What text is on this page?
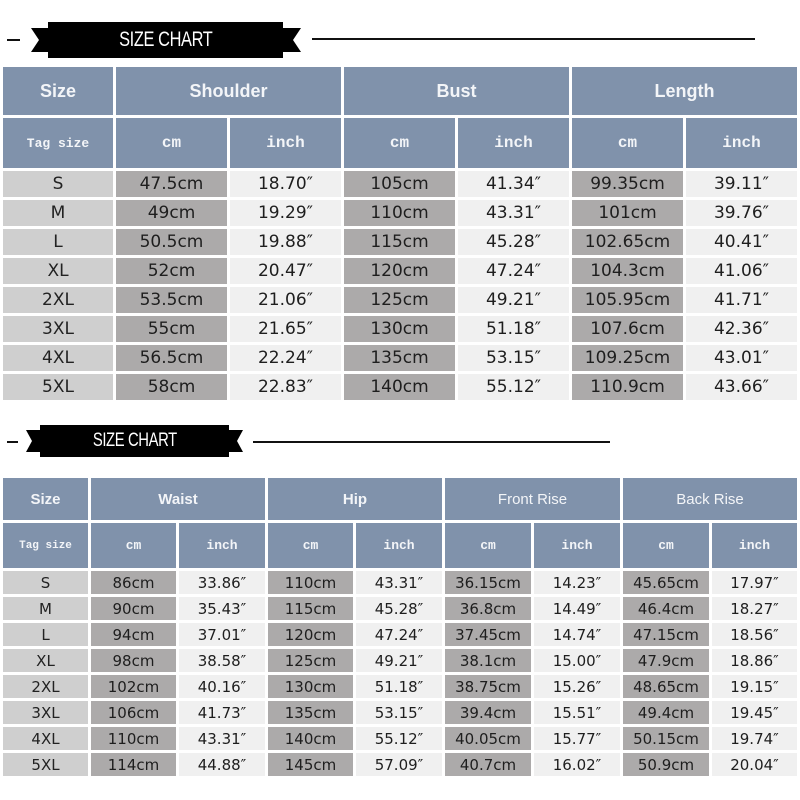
SIZE CHART
Size	Shoulder		Bust		Length	
Tag size	cm	inch	cm	inch	cm	inch
S	47.5cm	18.70″	105cm	41.34″	99.35cm	39.11″
M	49cm	19.29″	110cm	43.31″	101cm	39.76″
L	50.5cm	19.88″	115cm	45.28″	102.65cm	40.41″
XL	52cm	20.47″	120cm	47.24″	104.3cm	41.06″
2XL	53.5cm	21.06″	125cm	49.21″	105.95cm	41.71″
3XL	55cm	21.65″	130cm	51.18″	107.6cm	42.36″
4XL	56.5cm	22.24″	135cm	53.15″	109.25cm	43.01″
5XL	58cm	22.83″	140cm	55.12″	110.9cm	43.66″
SIZE CHART
Size	Waist		Hip		Front Rise		Back Rise	
Tag size	cm	inch	cm	inch	cm	inch	cm	inch
S	86cm	33.86″	110cm	43.31″	36.15cm	14.23″	45.65cm	17.97″
M	90cm	35.43″	115cm	45.28″	36.8cm	14.49″	46.4cm	18.27″
L	94cm	37.01″	120cm	47.24″	37.45cm	14.74″	47.15cm	18.56″
XL	98cm	38.58″	125cm	49.21″	38.1cm	15.00″	47.9cm	18.86″
2XL	102cm	40.16″	130cm	51.18″	38.75cm	15.26″	48.65cm	19.15″
3XL	106cm	41.73″	135cm	53.15″	39.4cm	15.51″	49.4cm	19.45″
4XL	110cm	43.31″	140cm	55.12″	40.05cm	15.77″	50.15cm	19.74″
5XL	114cm	44.88″	145cm	57.09″	40.7cm	16.02″	50.9cm	20.04″
